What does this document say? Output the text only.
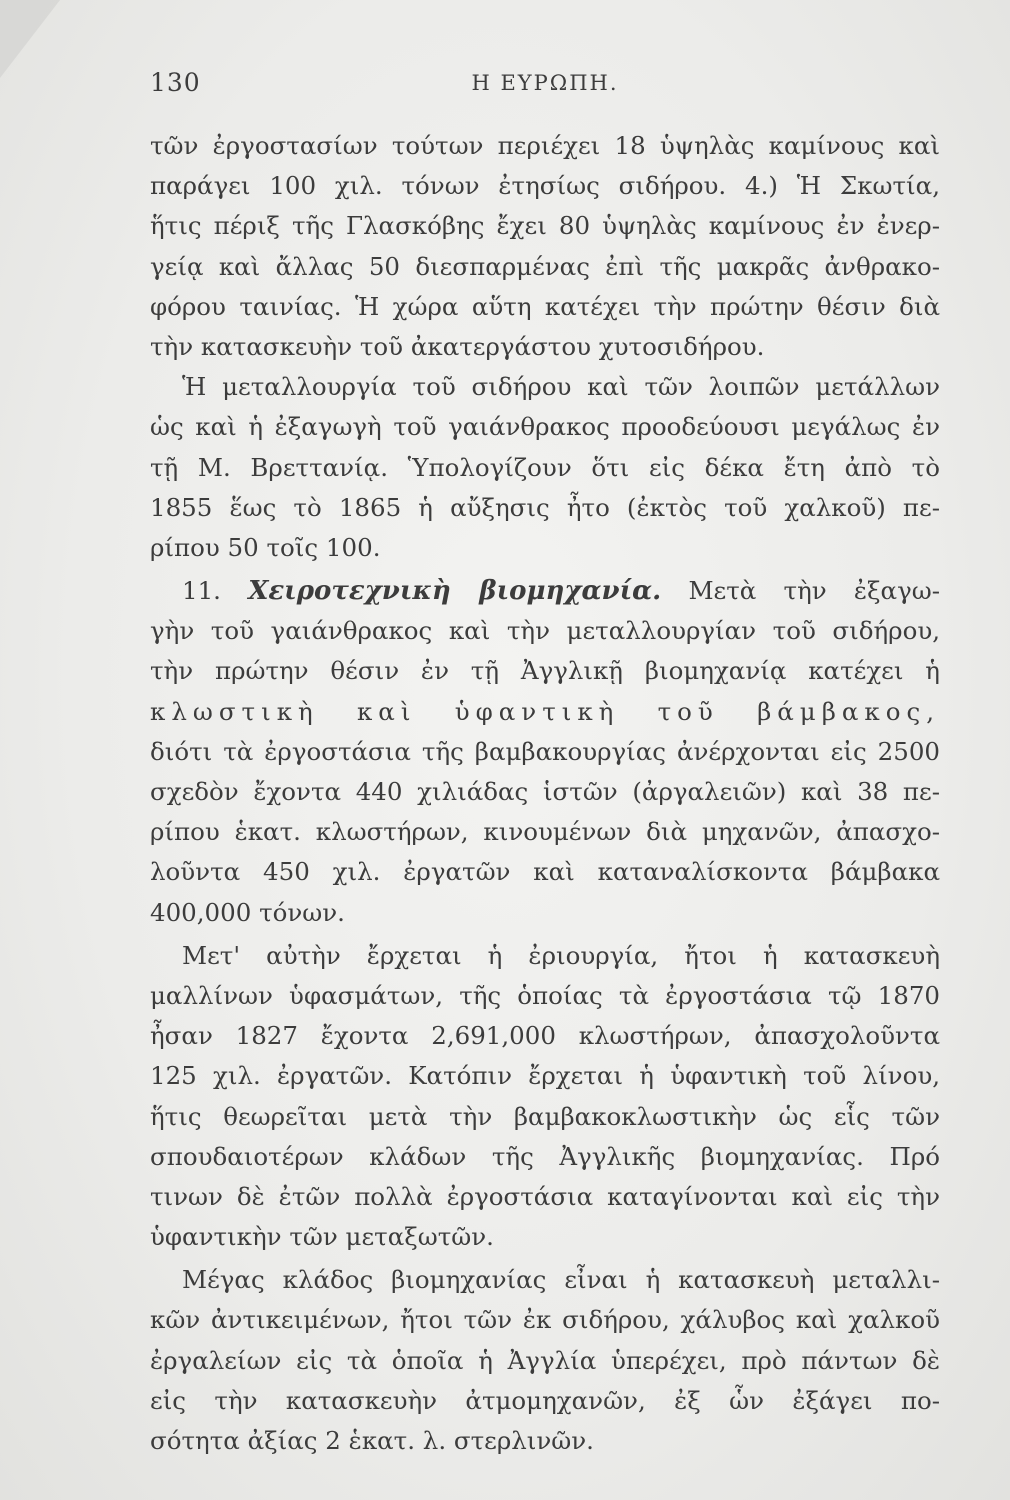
130	Η ΕΥΡΩΠΗ.
τῶν ἐργοστασίων τούτων περιέχει 18 ὑψηλὰς καμίνους καὶ
παράγει 100 χιλ. τόνων ἐτησίως σιδήρου. 4.) Ἡ Σκωτία,
ἥτις πέριξ τῆς Γλασκόβης ἔχει 80 ὑψηλὰς καμίνους ἐν ἐνερ-
γείᾳ καὶ ἄλλας 50 διεσπαρμένας ἐπὶ τῆς μακρᾶς ἀνθρακο-
φόρου ταινίας. Ἡ χώρα αὕτη κατέχει τὴν πρώτην θέσιν διὰ
τὴν κατασκευὴν τοῦ ἀκατεργάστου χυτοσιδήρου.
Ἡ μεταλλουργία τοῦ σιδήρου καὶ τῶν λοιπῶν μετάλλων
ὡς καὶ ἡ ἐξαγωγὴ τοῦ γαιάνθρακος προοδεύουσι μεγάλως ἐν
τῇ Μ. Βρεττανίᾳ. Ὑπολογίζουν ὅτι εἰς δέκα ἔτη ἀπὸ τὸ
1855 ἕως τὸ 1865 ἡ αὔξησις ἦτο (ἐκτὸς τοῦ χαλκοῦ) πε-
ρίπου 50 τοῖς 100.
11. Χειροτεχνικὴ βιομηχανία. Μετὰ τὴν ἐξαγω-
γὴν τοῦ γαιάνθρακος καὶ τὴν μεταλλουργίαν τοῦ σιδήρου,
τὴν πρώτην θέσιν ἐν τῇ Ἀγγλικῇ βιομηχανίᾳ κατέχει ἡ
κλωστικὴ καὶ ὑφαντικὴ τοῦ βάμβακος,
διότι τὰ ἐργοστάσια τῆς βαμβακουργίας ἀνέρχονται εἰς 2500
σχεδὸν ἔχοντα 440 χιλιάδας ἱστῶν (ἀργαλειῶν) καὶ 38 πε-
ρίπου ἑκατ. κλωστήρων, κινουμένων διὰ μηχανῶν, ἀπασχο-
λοῦντα 450 χιλ. ἐργατῶν καὶ καταναλίσκοντα βάμβακα
400,000 τόνων.
Μετ' αὐτὴν ἔρχεται ἡ ἐριουργία, ἤτοι ἡ κατασκευὴ
μαλλίνων ὑφασμάτων, τῆς ὁποίας τὰ ἐργοστάσια τῷ 1870
ἦσαν 1827 ἔχοντα 2,691,000 κλωστήρων, ἀπασχολοῦντα
125 χιλ. ἐργατῶν. Κατόπιν ἔρχεται ἡ ὑφαντικὴ τοῦ λίνου,
ἥτις θεωρεῖται μετὰ τὴν βαμβακοκλωστικὴν ὡς εἷς τῶν
σπουδαιοτέρων κλάδων τῆς Ἀγγλικῆς βιομηχανίας. Πρό
τινων δὲ ἐτῶν πολλὰ ἐργοστάσια καταγίνονται καὶ εἰς τὴν
ὑφαντικὴν τῶν μεταξωτῶν.
Μέγας κλάδος βιομηχανίας εἶναι ἡ κατασκευὴ μεταλλι-
κῶν ἀντικειμένων, ἤτοι τῶν ἐκ σιδήρου, χάλυβος καὶ χαλκοῦ
ἐργαλείων εἰς τὰ ὁποῖα ἡ Ἀγγλία ὑπερέχει, πρὸ πάντων δὲ
εἰς τὴν κατασκευὴν ἀτμομηχανῶν, ἐξ ὧν ἐξάγει πο-
σότητα ἀξίας 2 ἑκατ. λ. στερλινῶν.
